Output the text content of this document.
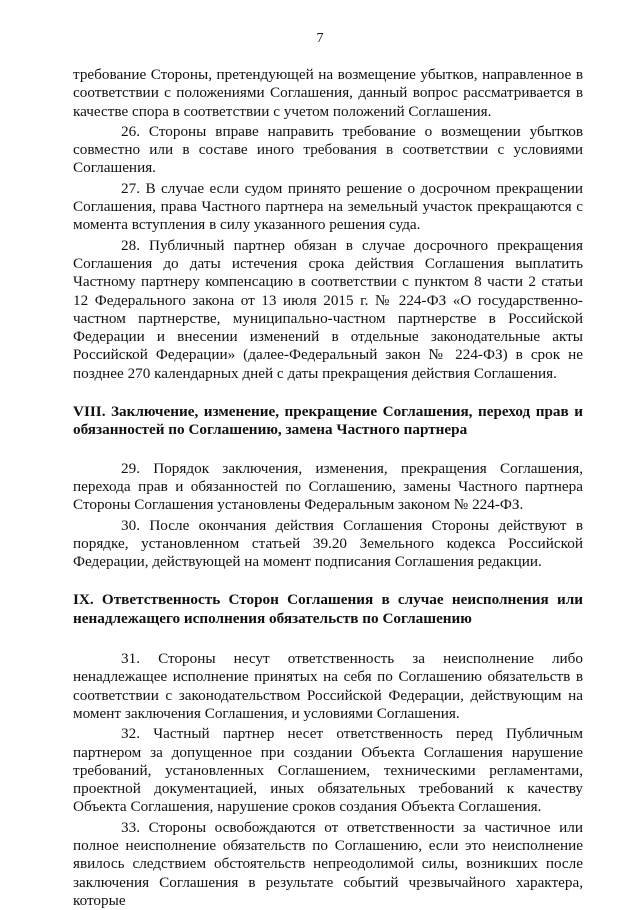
7

требование Стороны, претендующей на возмещение убытков, направленное в соответствии с положениями Соглашения, данный вопрос рассматривается в качестве спора в соответствии с учетом положений Соглашения.

26. Стороны вправе направить требование о возмещении убытков совместно или в составе иного требования в соответствии с условиями Соглашения.

27. В случае если судом принято решение о досрочном прекращении Соглашения, права Частного партнера на земельный участок прекращаются с момента вступления в силу указанного решения суда.

28. Публичный партнер обязан в случае досрочного прекращения Соглашения до даты истечения срока действия Соглашения выплатить Частному партнеру компенсацию в соответствии с пунктом 8 части 2 статьи 12 Федерального закона от 13 июля 2015 г. № 224-ФЗ «О государственно-частном партнерстве, муниципально-частном партнерстве в Российской Федерации и внесении изменений в отдельные законодательные акты Российской Федерации» (далее-Федеральный закон № 224-ФЗ) в срок не позднее 270 календарных дней с даты прекращения действия Соглашения.

VIII. Заключение, изменение, прекращение Соглашения, переход прав и обязанностей по Соглашению, замена Частного партнера

29. Порядок заключения, изменения, прекращения Соглашения, перехода прав и обязанностей по Соглашению, замены Частного партнера Стороны Соглашения установлены Федеральным законом № 224-ФЗ.

30. После окончания действия Соглашения Стороны действуют в порядке, установленном статьей 39.20 Земельного кодекса Российской Федерации, действующей на момент подписания Соглашения редакции.

IX. Ответственность Сторон Соглашения в случае неисполнения или ненадлежащего исполнения обязательств по Соглашению

31. Стороны несут ответственность за неисполнение либо ненадлежащее исполнение принятых на себя по Соглашению обязательств в соответствии с законодательством Российской Федерации, действующим на момент заключения Соглашения, и условиями Соглашения.

32. Частный партнер несет ответственность перед Публичным партнером за допущенное при создании Объекта Соглашения нарушение требований, установленных Соглашением, техническими регламентами, проектной документацией, иных обязательных требований к качеству Объекта Соглашения, нарушение сроков создания Объекта Соглашения.

33. Стороны освобождаются от ответственности за частичное или полное неисполнение обязательств по Соглашению, если это неисполнение явилось следствием обстоятельств непреодолимой силы, возникших после заключения Соглашения в результате событий чрезвычайного характера, которые
